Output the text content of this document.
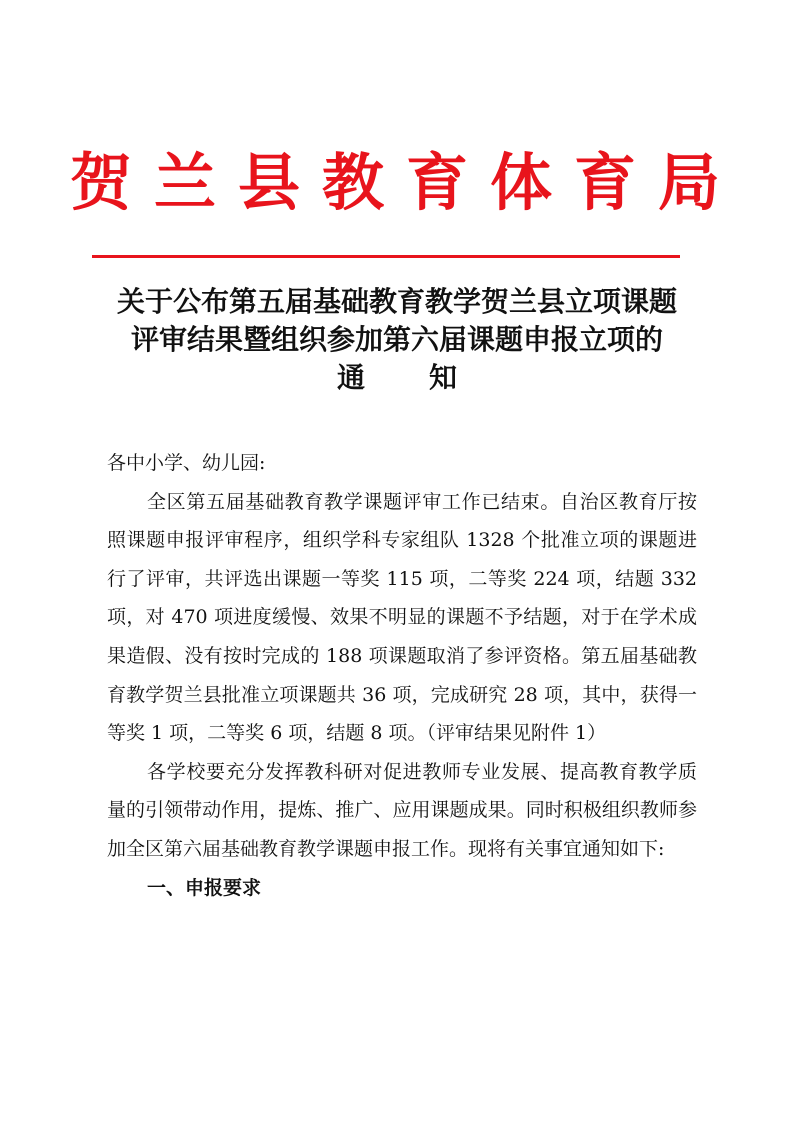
贺兰县教育体育局
关于公布第五届基础教育教学贺兰县立项课题
评审结果暨组织参加第六届课题申报立项的
通 知

各中小学、幼儿园:

全区第五届基础教育教学课题评审工作已结束。自治区教育厅按照课题申报评审程序，组织学科专家组队 1328 个批准立项的课题进行了评审，共评选出课题一等奖 115 项，二等奖 224 项，结题 332 项，对 470 项进度缓慢、效果不明显的课题不予结题，对于在学术成果造假、没有按时完成的 188 项课题取消了参评资格。第五届基础教育教学贺兰县批准立项课题共 36 项，完成研究 28 项，其中，获得一等奖 1 项，二等奖 6 项，结题 8 项。（评审结果见附件 1）

各学校要充分发挥教科研对促进教师专业发展、提高教育教学质量的引领带动作用，提炼、推广、应用课题成果。同时积极组织教师参加全区第六届基础教育教学课题申报工作。现将有关事宜通知如下:

一、申报要求
